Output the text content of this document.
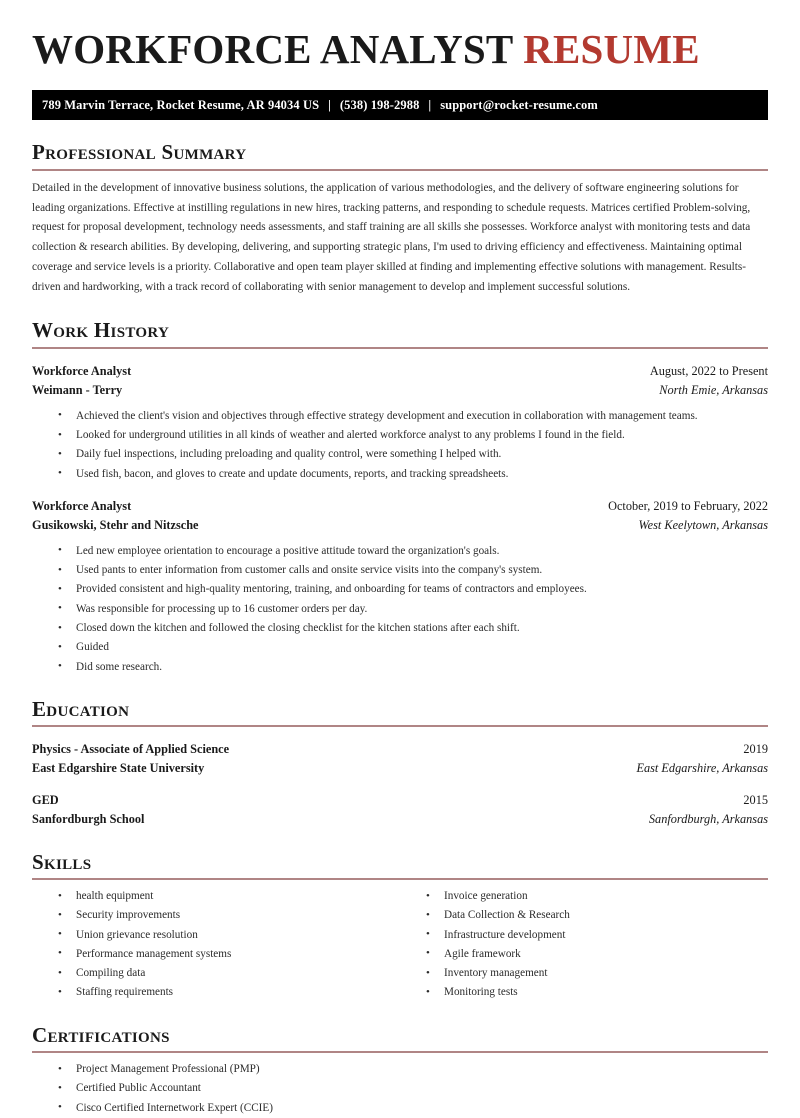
WORKFORCE ANALYST RESUME
789 Marvin Terrace, Rocket Resume, AR 94034 US | (538) 198-2988 | support@rocket-resume.com
Professional Summary

Detailed in the development of innovative business solutions, the application of various methodologies, and the delivery of software engineering solutions for leading organizations. Effective at instilling regulations in new hires, tracking patterns, and responding to schedule requests. Matrices certified Problem-solving, request for proposal development, technology needs assessments, and staff training are all skills she possesses. Workforce analyst with monitoring tests and data collection & research abilities. By developing, delivering, and supporting strategic plans, I'm used to driving efficiency and effectiveness. Maintaining optimal coverage and service levels is a priority. Collaborative and open team player skilled at finding and implementing effective solutions with management. Results-driven and hardworking, with a track record of collaborating with senior management to develop and implement successful solutions.

Work History
Workforce Analyst	August, 2022 to Present
Weimann - Terry	North Emie, Arkansas
• Achieved the client's vision and objectives through effective strategy development and execution in collaboration with management teams.
• Looked for underground utilities in all kinds of weather and alerted workforce analyst to any problems I found in the field.
• Daily fuel inspections, including preloading and quality control, were something I helped with.
• Used fish, bacon, and gloves to create and update documents, reports, and tracking spreadsheets.
Workforce Analyst	October, 2019 to February, 2022
Gusikowski, Stehr and Nitzsche	West Keelytown, Arkansas
• Led new employee orientation to encourage a positive attitude toward the organization's goals.
• Used pants to enter information from customer calls and onsite service visits into the company's system.
• Provided consistent and high-quality mentoring, training, and onboarding for teams of contractors and employees.
• Was responsible for processing up to 16 customer orders per day.
• Closed down the kitchen and followed the closing checklist for the kitchen stations after each shift.
• Guided
• Did some research.
Education
Physics - Associate of Applied Science	2019
East Edgarshire State University	East Edgarshire, Arkansas
GED	2015
Sanfordburgh School	Sanfordburgh, Arkansas
Skills
• health equipment
• Security improvements
• Union grievance resolution
• Performance management systems
• Compiling data
• Staffing requirements
• Invoice generation
• Data Collection & Research
• Infrastructure development
• Agile framework
• Inventory management
• Monitoring tests
Certifications
• Project Management Professional (PMP)
• Certified Public Accountant
• Cisco Certified Internetwork Expert (CCIE)
